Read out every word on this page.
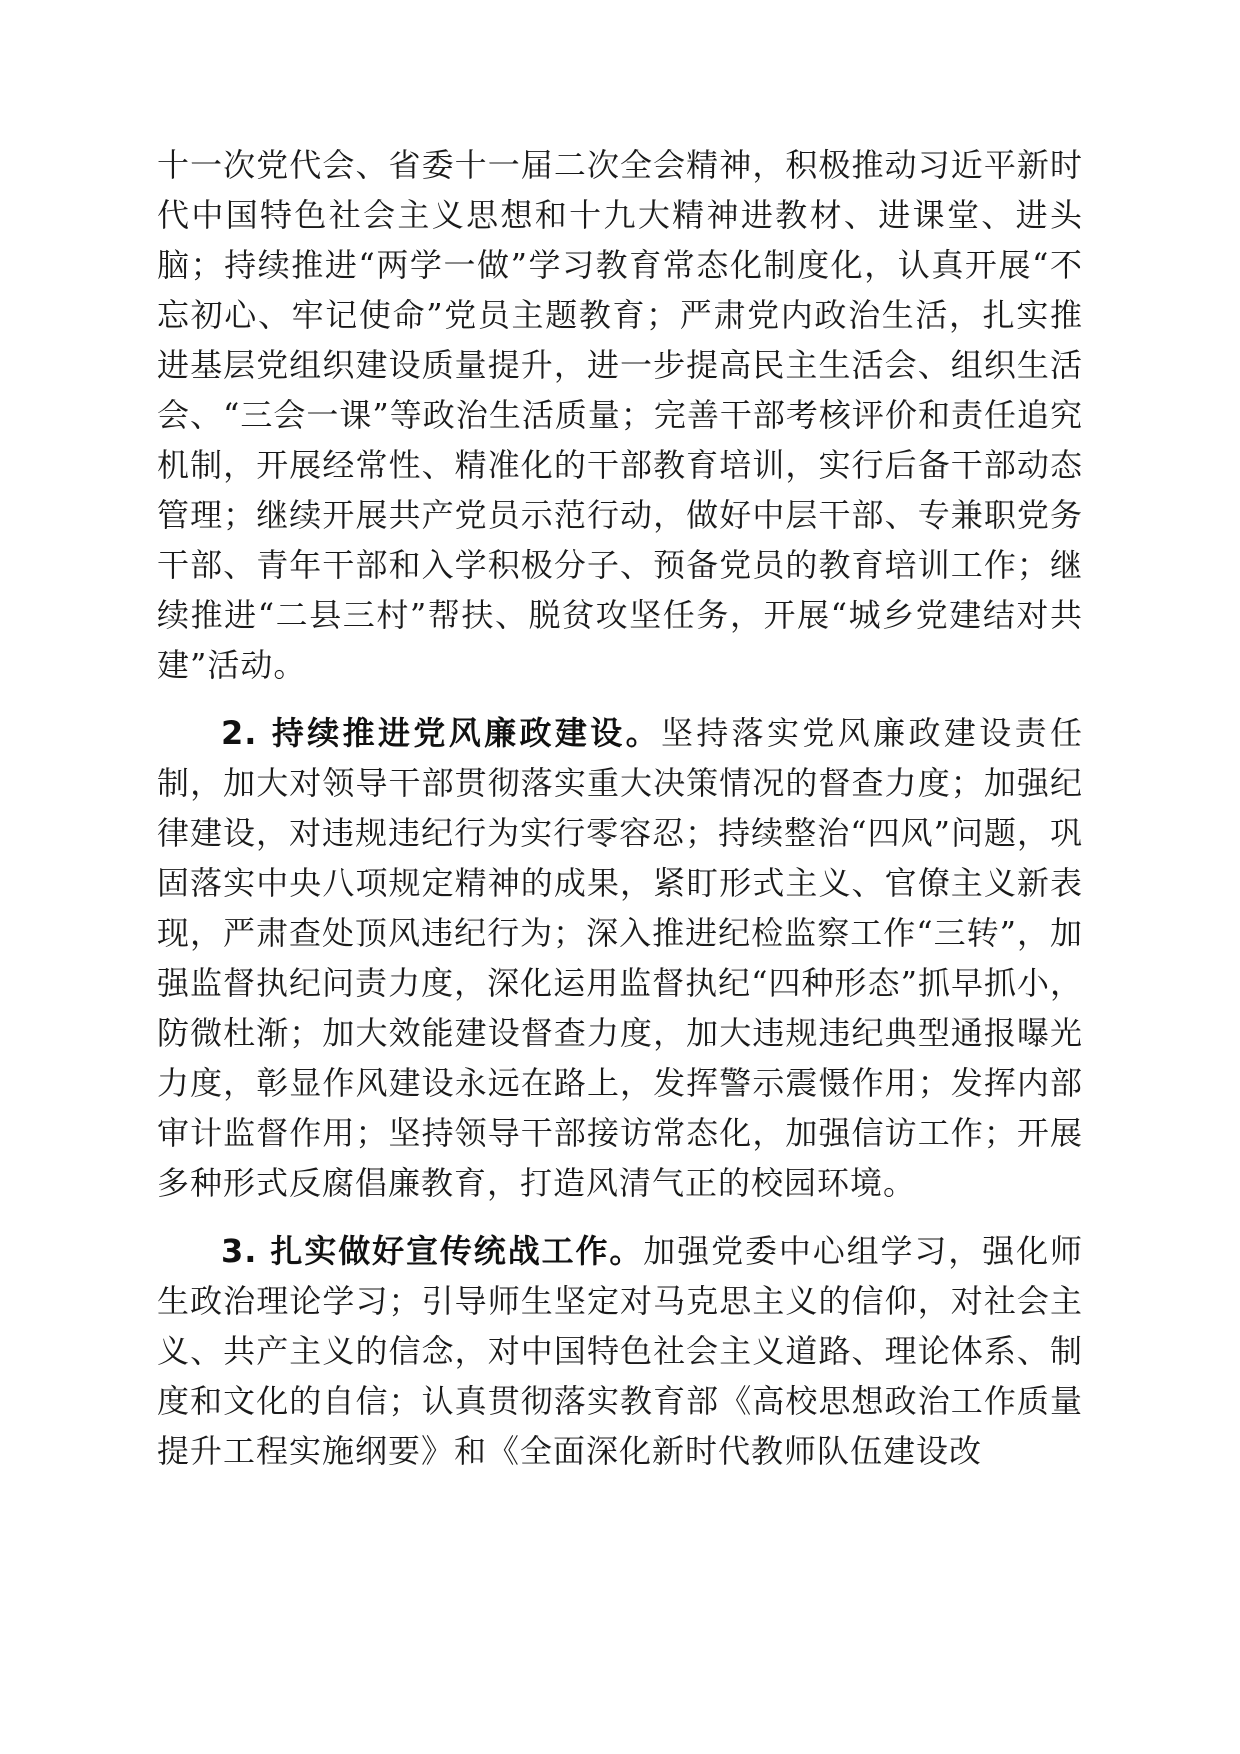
十一次党代会、省委十一届二次全会精神，积极推动习近平新时代中国特色社会主义思想和十九大精神进教材、进课堂、进头脑；持续推进“两学一做”学习教育常态化制度化，认真开展“不忘初心、牢记使命”党员主题教育；严肃党内政治生活，扎实推进基层党组织建设质量提升，进一步提高民主生活会、组织生活会、“三会一课”等政治生活质量；完善干部考核评价和责任追究机制，开展经常性、精准化的干部教育培训，实行后备干部动态管理；继续开展共产党员示范行动，做好中层干部、专兼职党务干部、青年干部和入学积极分子、预备党员的教育培训工作；继续推进“二县三村”帮扶、脱贫攻坚任务，开展“城乡党建结对共建”活动。

2. 持续推进党风廉政建设。坚持落实党风廉政建设责任制，加大对领导干部贯彻落实重大决策情况的督查力度；加强纪律建设，对违规违纪行为实行零容忍；持续整治“四风”问题，巩固落实中央八项规定精神的成果，紧盯形式主义、官僚主义新表现，严肃查处顶风违纪行为；深入推进纪检监察工作“三转”，加强监督执纪问责力度，深化运用监督执纪“四种形态”抓早抓小，防微杜渐；加大效能建设督查力度，加大违规违纪典型通报曝光力度，彰显作风建设永远在路上，发挥警示震慑作用；发挥内部审计监督作用；坚持领导干部接访常态化，加强信访工作；开展多种形式反腐倡廉教育，打造风清气正的校园环境。

3. 扎实做好宣传统战工作。加强党委中心组学习，强化师生政治理论学习；引导师生坚定对马克思主义的信仰，对社会主义、共产主义的信念，对中国特色社会主义道路、理论体系、制度和文化的自信；认真贯彻落实教育部《高校思想政治工作质量提升工程实施纲要》和《全面深化新时代教师队伍建设改
